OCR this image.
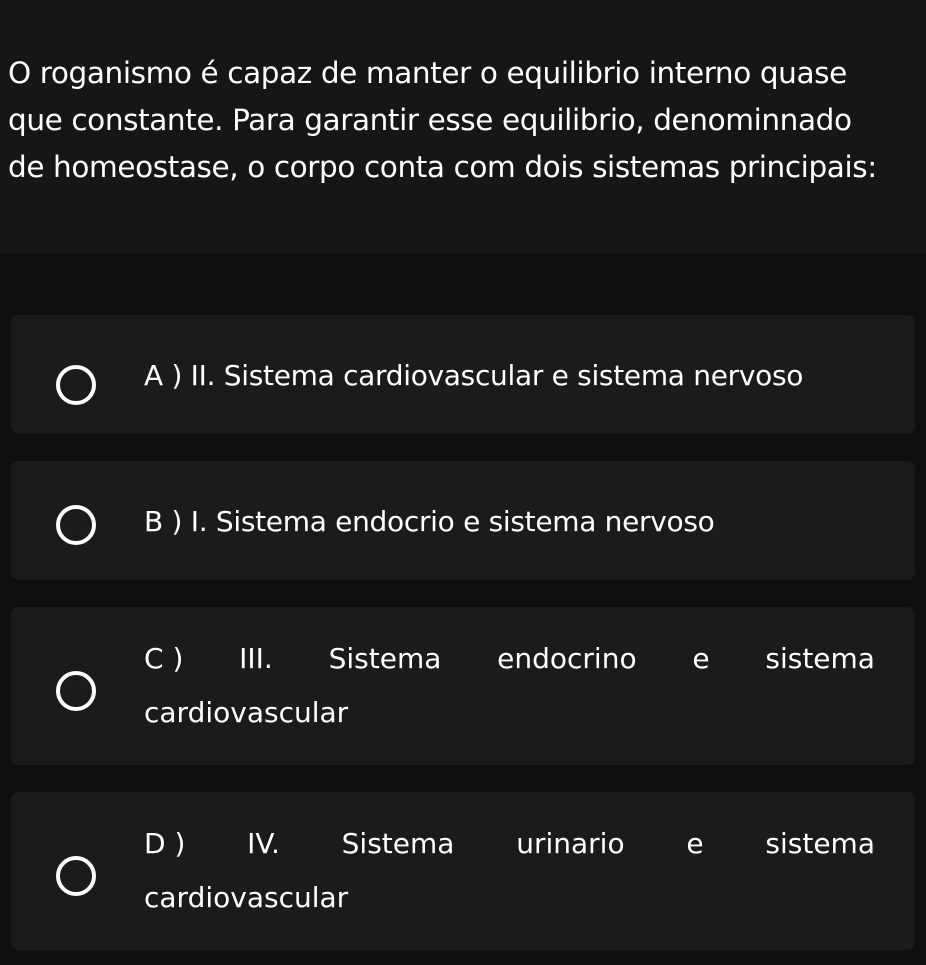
O roganismo é capaz de manter o equilibrio interno quase
que constante. Para garantir esse equilibrio, denominnado
de homeostase, o corpo conta com dois sistemas principais:

A ) II. Sistema cardiovascular e sistema nervoso
B ) I. Sistema endocrio e sistema nervoso
C ) III. Sistema endocrino e sistema
cardiovascular
D ) IV. Sistema urinario e sistema
cardiovascular
